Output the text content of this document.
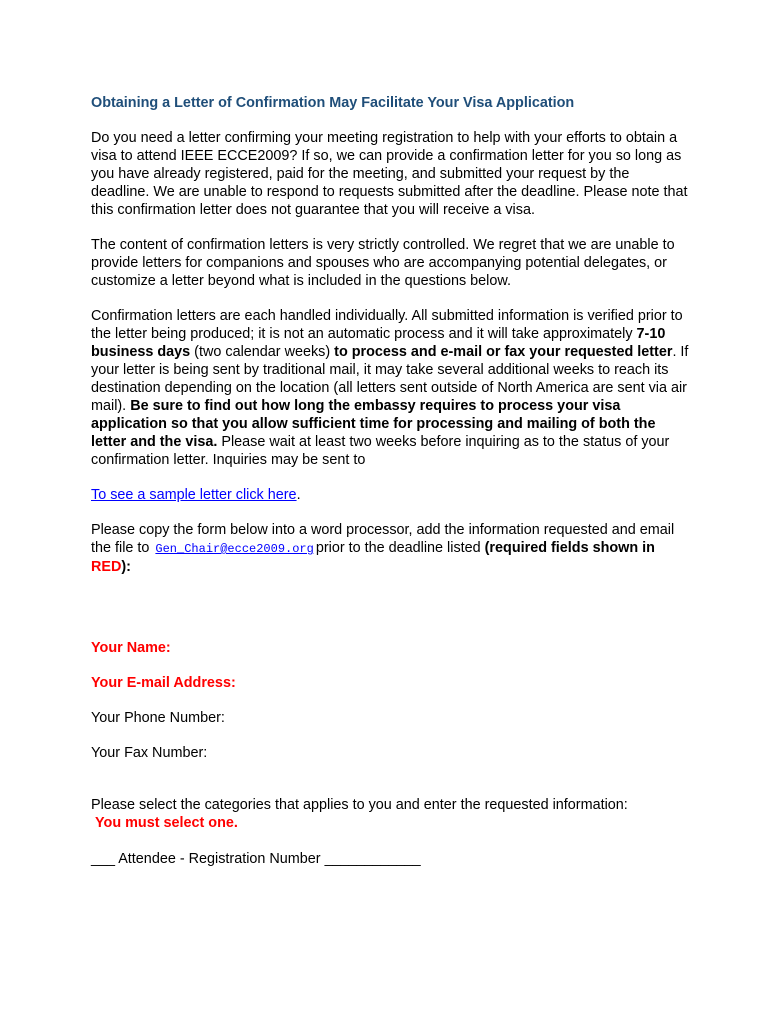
Obtaining a Letter of Confirmation May Facilitate Your Visa Application

Do you need a letter confirming your meeting registration to help with your efforts to obtain a visa to attend IEEE ECCE2009? If so, we can provide a confirmation letter for you so long as you have already registered, paid for the meeting, and submitted your request by the deadline. We are unable to respond to requests submitted after the deadline. Please note that this confirmation letter does not guarantee that you will receive a visa.

The content of confirmation letters is very strictly controlled. We regret that we are unable to provide letters for companions and spouses who are accompanying potential delegates, or customize a letter beyond what is included in the questions below.

Confirmation letters are each handled individually. All submitted information is verified prior to the letter being produced; it is not an automatic process and it will take approximately 7-10 business days (two calendar weeks) to process and e-mail or fax your requested letter. If your letter is being sent by traditional mail, it may take several additional weeks to reach its destination depending on the location (all letters sent outside of North America are sent via air mail). Be sure to find out how long the embassy requires to process your visa application so that you allow sufficient time for processing and mailing of both the letter and the visa. Please wait at least two weeks before inquiring as to the status of your confirmation letter. Inquiries may be sent to

To see a sample letter click here.

Please copy the form below into a word processor, add the information requested and email the file to Gen_Chair@ecce2009.org prior to the deadline listed (required fields shown in RED):

Your Name:
Your E-mail Address:
Your Phone Number:
Your Fax Number:
Please select the categories that applies to you and enter the requested information:
You must select one.
___ Attendee - Registration Number ____________
